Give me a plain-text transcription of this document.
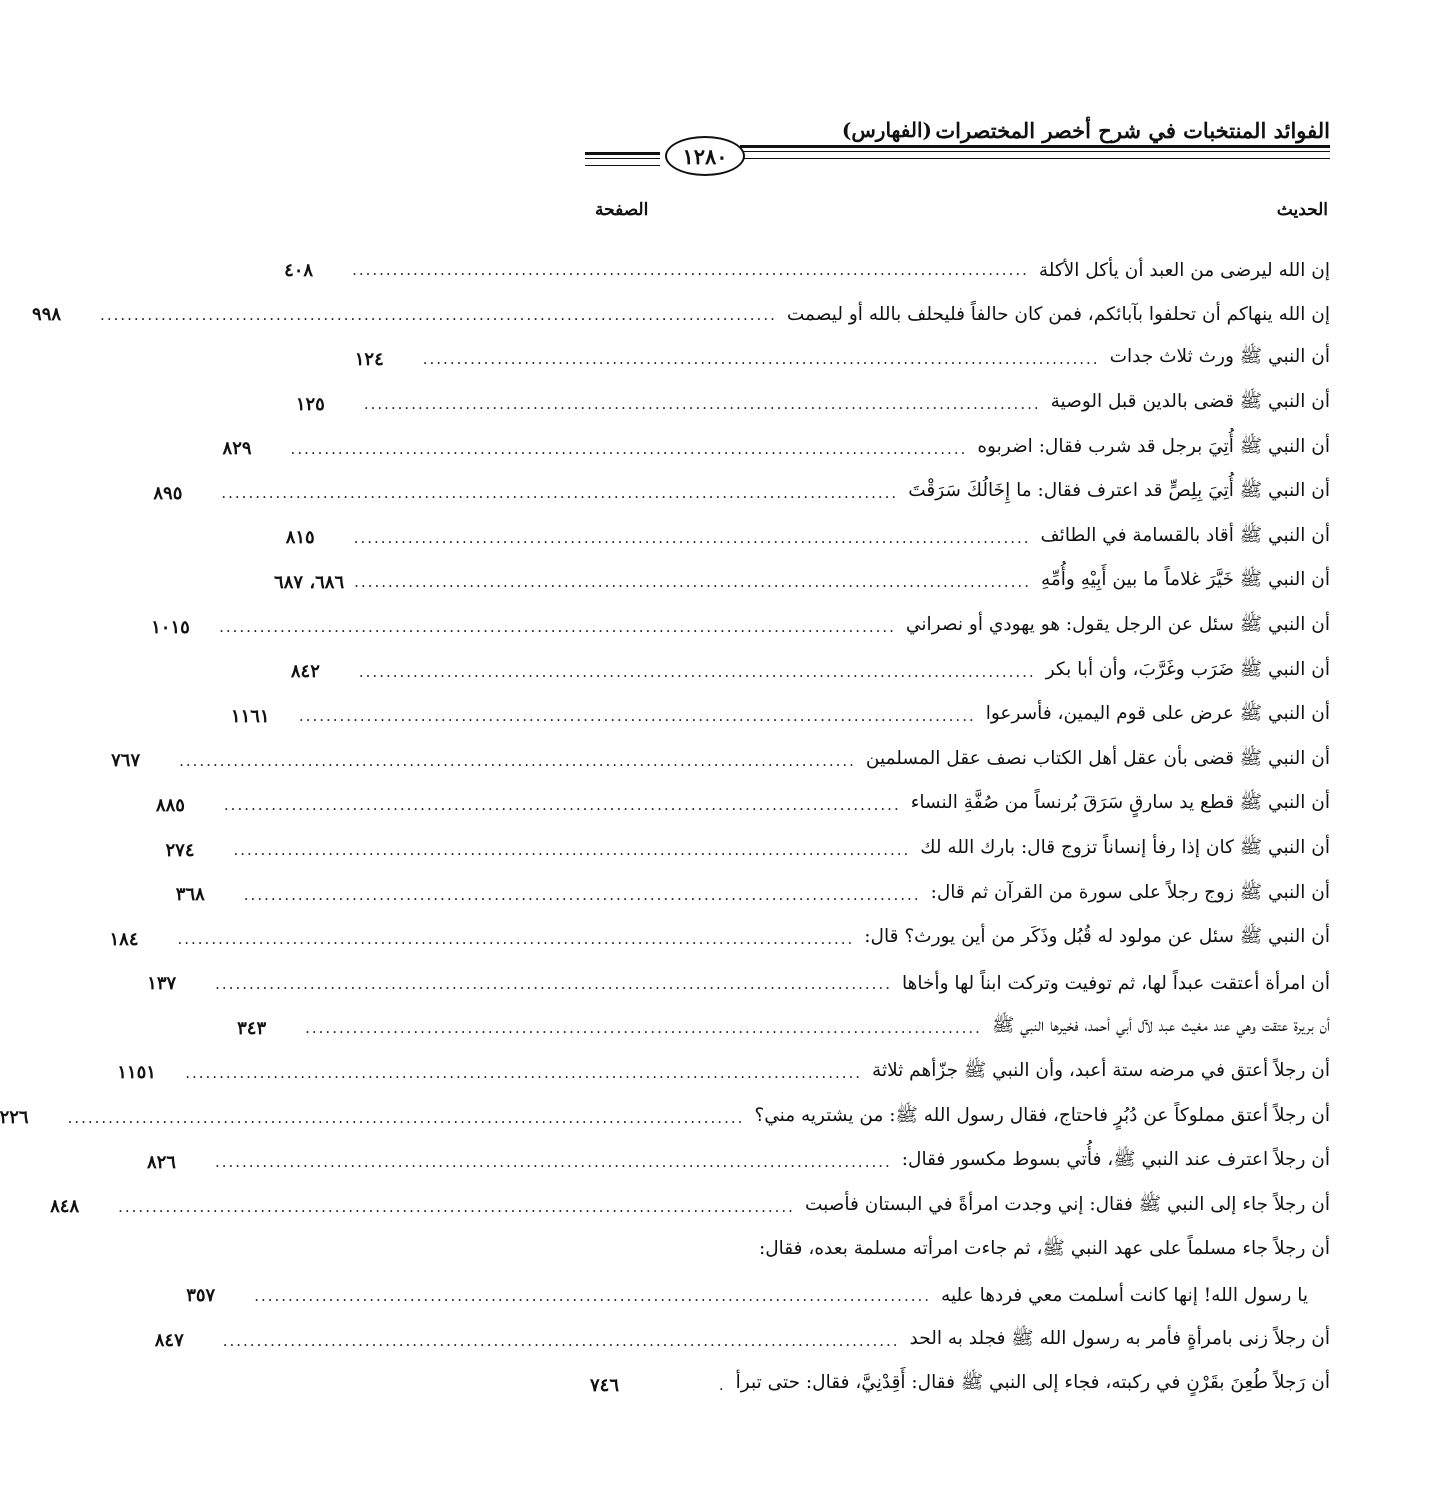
الفوائد المنتخبات في شرح أخصر المختصرات
(الفهارس)
١٢٨٠
الحديث
الصفحة
إن الله ليرضى من العبد أن يأكل الأكلة
....................................................................................................
٤٠٨
إن الله ينهاكم أن تحلفوا بآبائكم، فمن كان حالفاً فليحلف بالله أو ليصمت
....................................................................................................
٩٩٨
أن النبي ﷺ ورث ثلاث جدات
....................................................................................................
١٢٤
أن النبي ﷺ قضى بالدين قبل الوصية
....................................................................................................
١٢٥
أن النبي ﷺ أُتِيَ برجل قد شرب فقال: اضربوه
....................................................................................................
٨٢٩
أن النبي ﷺ أُتِيَ بِلِصٍّ قد اعترف فقال: ما إِخَالُكَ سَرَقْتَ
....................................................................................................
٨٩٥
أن النبي ﷺ أقاد بالقسامة في الطائف
....................................................................................................
٨١٥
أن النبي ﷺ خَيَّرَ غلاماً ما بين أَبِيْهِ وأُمِّهِ
....................................................................................................
٦٨٦، ٦٨٧
أن النبي ﷺ سئل عن الرجل يقول: هو يهودي أو نصراني
....................................................................................................
١٠١٥
أن النبي ﷺ ضَرَب وغَرَّبَ، وأن أبا بكر
....................................................................................................
٨٤٢
أن النبي ﷺ عرض على قوم اليمين، فأسرعوا
....................................................................................................
١١٦١
أن النبي ﷺ قضى بأن عقل أهل الكتاب نصف عقل المسلمين
....................................................................................................
٧٦٧
أن النبي ﷺ قطع يد سارقٍ سَرَقَ بُرنساً من صُفَّةِ النساء
....................................................................................................
٨٨٥
أن النبي ﷺ كان إذا رفأ إنساناً تزوج قال: بارك الله لك
....................................................................................................
٢٧٤
أن النبي ﷺ زوج رجلاً على سورة من القرآن ثم قال:
....................................................................................................
٣٦٨
أن النبي ﷺ سئل عن مولود له قُبُل وذَكَر من أين يورث؟ قال:
....................................................................................................
١٨٤
أن امرأة أعتقت عبداً لها، ثم توفيت وتركت ابناً لها وأخاها
....................................................................................................
١٣٧
أن بريرة عتقت وهي عند مغيث عبد لآل أبي أحمد، فخيرها النبي ﷺ
....................................................................................................
٣٤٣
أن رجلاً أعتق في مرضه ستة أعبد، وأن النبي ﷺ جزّأهم ثلاثة
....................................................................................................
١١٥١
أن رجلاً أعتق مملوكاً عن دُبُرٍ فاحتاج، فقال رسول الله ﷺ: من يشتريه مني؟
....................................................................................................
٢٢٦
أن رجلاً اعترف عند النبي ﷺ، فأُتي بسوط مكسور فقال:
....................................................................................................
٨٢٦
أن رجلاً جاء إلى النبي ﷺ فقال: إني وجدت امرأةً في البستان فأصبت
....................................................................................................
٨٤٨
أن رجلاً جاء مسلماً على عهد النبي ﷺ، ثم جاءت امرأته مسلمة بعده، فقال:
يا رسول الله! إنها كانت أسلمت معي فردها عليه
....................................................................................................
٣٥٧
أن رجلاً زنى بامرأةٍ فأمر به رسول الله ﷺ فجلد به الحد
....................................................................................................
٨٤٧
أن رَجلاً طُعِنَ بقَرْنٍ في ركبته، فجاء إلى النبي ﷺ فقال: أَقِدْنِيَّ، فقال: حتى تبرأ
.
٧٤٦
